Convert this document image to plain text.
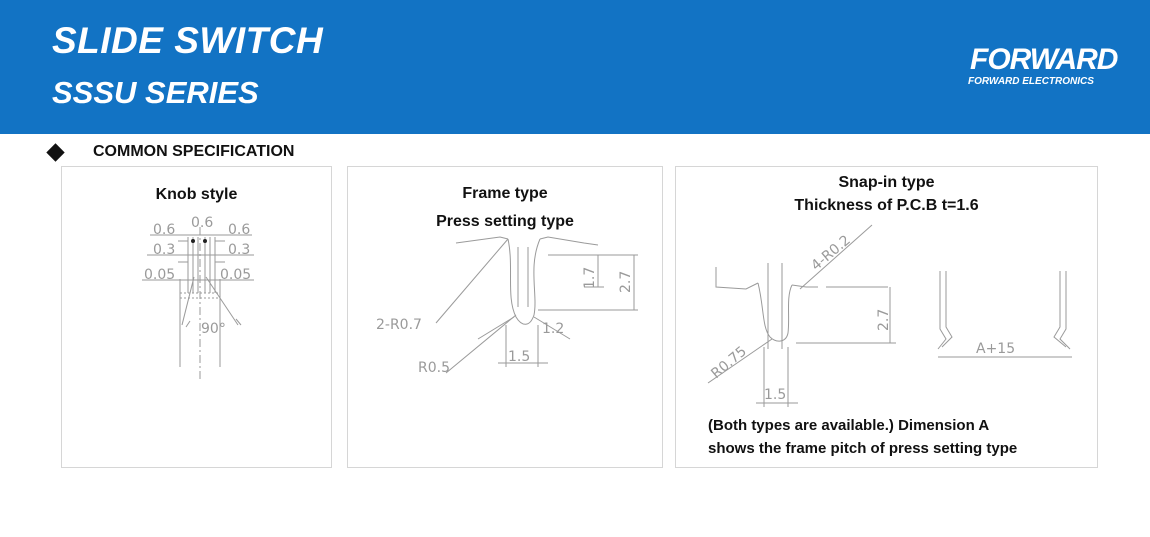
SLIDE SWITCH
SSSU SERIES
FORWARD
FORWARD ELECTRONICS
COMMON SPECIFICATION
Knob style
0.6 0.6 0.6
0.3	0.3
0.05	0.05
90°
Frame type
Press setting type
2-R0.7
R0.5
1.7 2.7
1.2
1.5
Snap-in type
Thickness of P.C.B t=1.6
4-R0.2
R0.75
2.7
1.5
A+15
(Both types are available.) Dimension A
shows the frame pitch of press setting type
